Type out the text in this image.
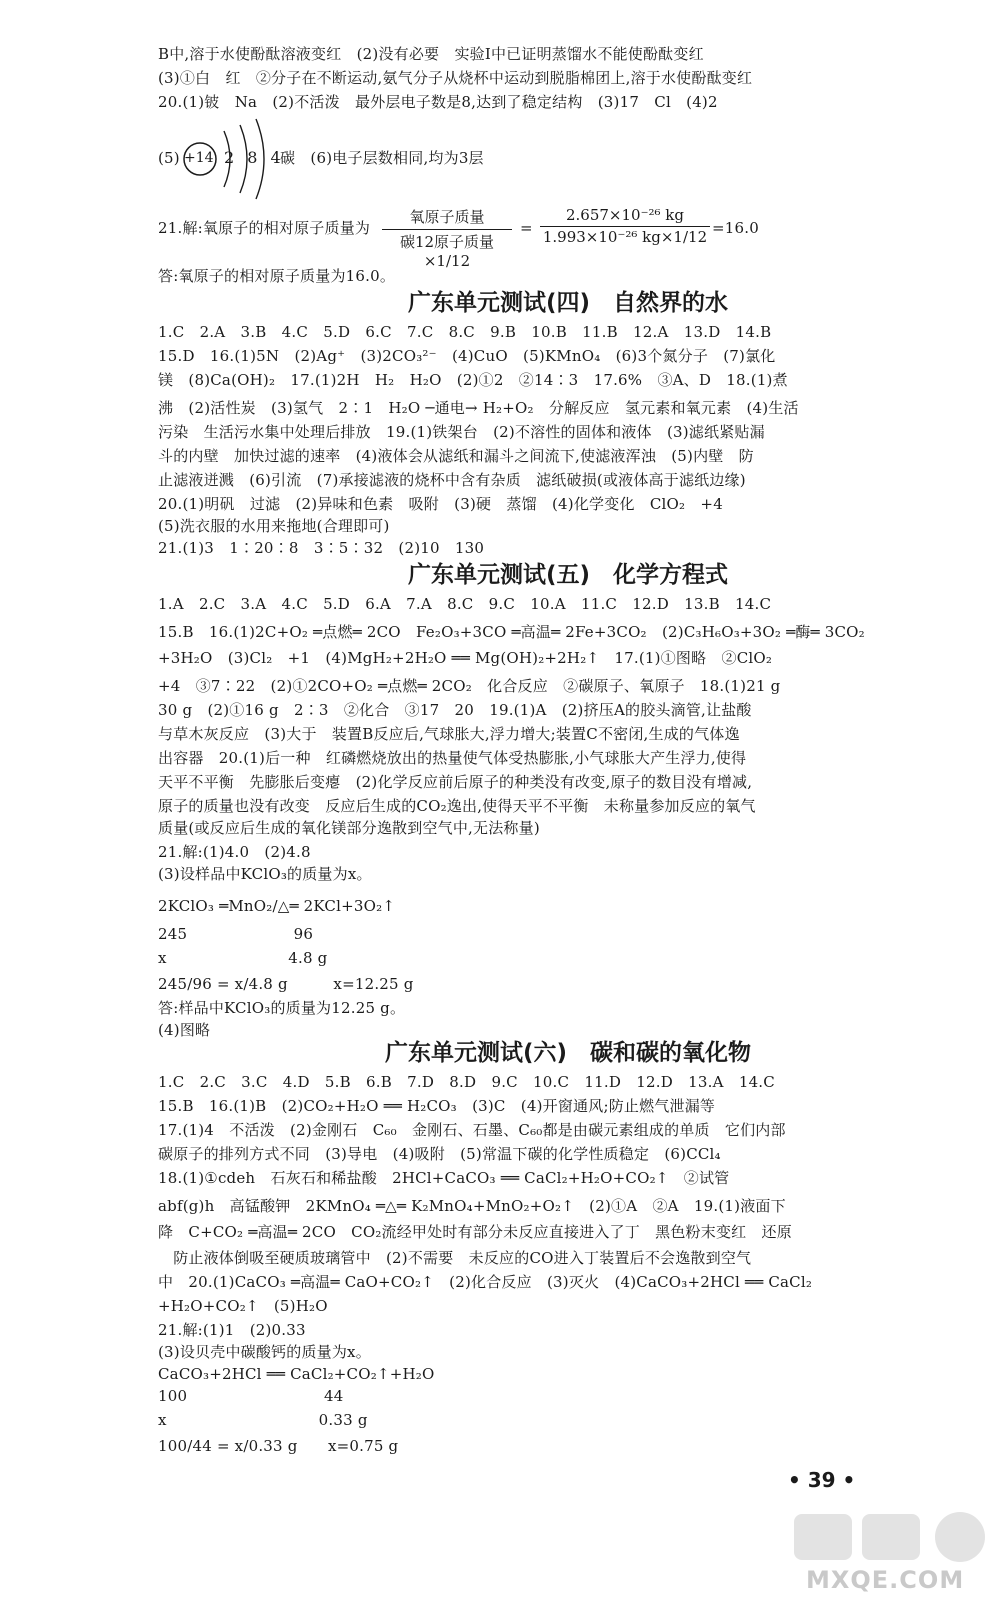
B中,溶于水使酚酞溶液变红　(2)没有必要　实验Ⅰ中已证明蒸馏水不能使酚酞变红
(3)①白　红　②分子在不断运动,氨气分子从烧杯中运动到脱脂棉团上,溶于水使酚酞变红
20.(1)铍　Na　(2)不活泼　最外层电子数是8,达到了稳定结构　(3)17　Cl　(4)2
(5) +14 2 8 4
碳　(6)电子层数相同,均为3层
21.解:氧原子的相对原子质量为
氧原子质量
碳12原子质量×1/12
=
2.657×10⁻²⁶ kg
1.993×10⁻²⁶ kg×1/12 =16.0
答:氧原子的相对原子质量为16.0。
广东单元测试(四)　自然界的水
1.C　2.A　3.B　4.C　5.D　6.C　7.C　8.C　9.B　10.B　11.B　12.A　13.D　14.B
15.D　16.(1)5N　(2)Ag⁺　(3)2CO₃²⁻　(4)CuO　(5)KMnO₄　(6)3个氮分子　(7)氯化
镁　(8)Ca(OH)₂　17.(1)2H　H₂　H₂O　(2)①2　②14∶3　17.6%　③A、D　18.(1)煮
沸　(2)活性炭　(3)氢气　2∶1　H₂O ─通电→ H₂+O₂　分解反应　氢元素和氧元素　(4)生活
污染　生活污水集中处理后排放　19.(1)铁架台　(2)不溶性的固体和液体　(3)滤纸紧贴漏
斗的内壁　加快过滤的速率　(4)液体会从滤纸和漏斗之间流下,使滤液浑浊　(5)内壁　防
止滤液迸溅　(6)引流　(7)承接滤液的烧杯中含有杂质　滤纸破损(或液体高于滤纸边缘)
20.(1)明矾　过滤　(2)异味和色素　吸附　(3)硬　蒸馏　(4)化学变化　ClO₂　+4
(5)洗衣服的水用来拖地(合理即可)
21.(1)3　1∶20∶8　3∶5∶32　(2)10　130
广东单元测试(五)　化学方程式
1.A　2.C　3.A　4.C　5.D　6.A　7.A　8.C　9.C　10.A　11.C　12.D　13.B　14.C
15.B　16.(1)2C+O₂ ═点燃═ 2CO　Fe₂O₃+3CO ═高温═ 2Fe+3CO₂　(2)C₃H₆O₃+3O₂ ═酶═ 3CO₂
+3H₂O　(3)Cl₂　+1　(4)MgH₂+2H₂O ══ Mg(OH)₂+2H₂↑　17.(1)①图略　②ClO₂
+4　③7∶22　(2)①2CO+O₂ ═点燃═ 2CO₂　化合反应　②碳原子、氧原子　18.(1)21 g
30 g　(2)①16 g　2∶3　②化合　③17　20　19.(1)A　(2)挤压A的胶头滴管,让盐酸
与草木灰反应　(3)大于　装置B反应后,气球胀大,浮力增大;装置C不密闭,生成的气体逸
出容器　20.(1)后一种　红磷燃烧放出的热量使气体受热膨胀,小气球胀大产生浮力,使得
天平不平衡　先膨胀后变瘪　(2)化学反应前后原子的种类没有改变,原子的数目没有增减,
原子的质量也没有改变　反应后生成的CO₂逸出,使得天平不平衡　未称量参加反应的氧气
质量(或反应后生成的氧化镁部分逸散到空气中,无法称量)
21.解:(1)4.0　(2)4.8
(3)设样品中KClO₃的质量为x。
2KClO₃ ═MnO₂/△═ 2KCl+3O₂↑
245　　　　　　　96
x　　　　　　　　4.8 g
245/96 = x/4.8 g　　　x=12.25 g
答:样品中KClO₃的质量为12.25 g。
(4)图略
广东单元测试(六)　碳和碳的氧化物
1.C　2.C　3.C　4.D　5.B　6.B　7.D　8.D　9.C　10.C　11.D　12.D　13.A　14.C
15.B　16.(1)B　(2)CO₂+H₂O ══ H₂CO₃　(3)C　(4)开窗通风;防止燃气泄漏等
17.(1)4　不活泼　(2)金刚石　C₆₀　金刚石、石墨、C₆₀都是由碳元素组成的单质　它们内部
碳原子的排列方式不同　(3)导电　(4)吸附　(5)常温下碳的化学性质稳定　(6)CCl₄
18.(1)①cdeh　石灰石和稀盐酸　2HCl+CaCO₃ ══ CaCl₂+H₂O+CO₂↑　②试管
abf(g)h　高锰酸钾　2KMnO₄ ═△═ K₂MnO₄+MnO₂+O₂↑　(2)①A　②A　19.(1)液面下
降　C+CO₂ ═高温═ 2CO　CO₂流经甲处时有部分未反应直接进入了丁　黑色粉末变红　还原
　防止液体倒吸至硬质玻璃管中　(2)不需要　未反应的CO进入丁装置后不会逸散到空气
中　20.(1)CaCO₃ ═高温═ CaO+CO₂↑　(2)化合反应　(3)灭火　(4)CaCO₃+2HCl ══ CaCl₂
+H₂O+CO₂↑　(5)H₂O
21.解:(1)1　(2)0.33
(3)设贝壳中碳酸钙的质量为x。
CaCO₃+2HCl ══ CaCl₂+CO₂↑+H₂O
100　　　　　　　　　44
x　　　　　　　　　　0.33 g
100/44 = x/0.33 g　　x=0.75 g
• 39 •
MXQE.COM
